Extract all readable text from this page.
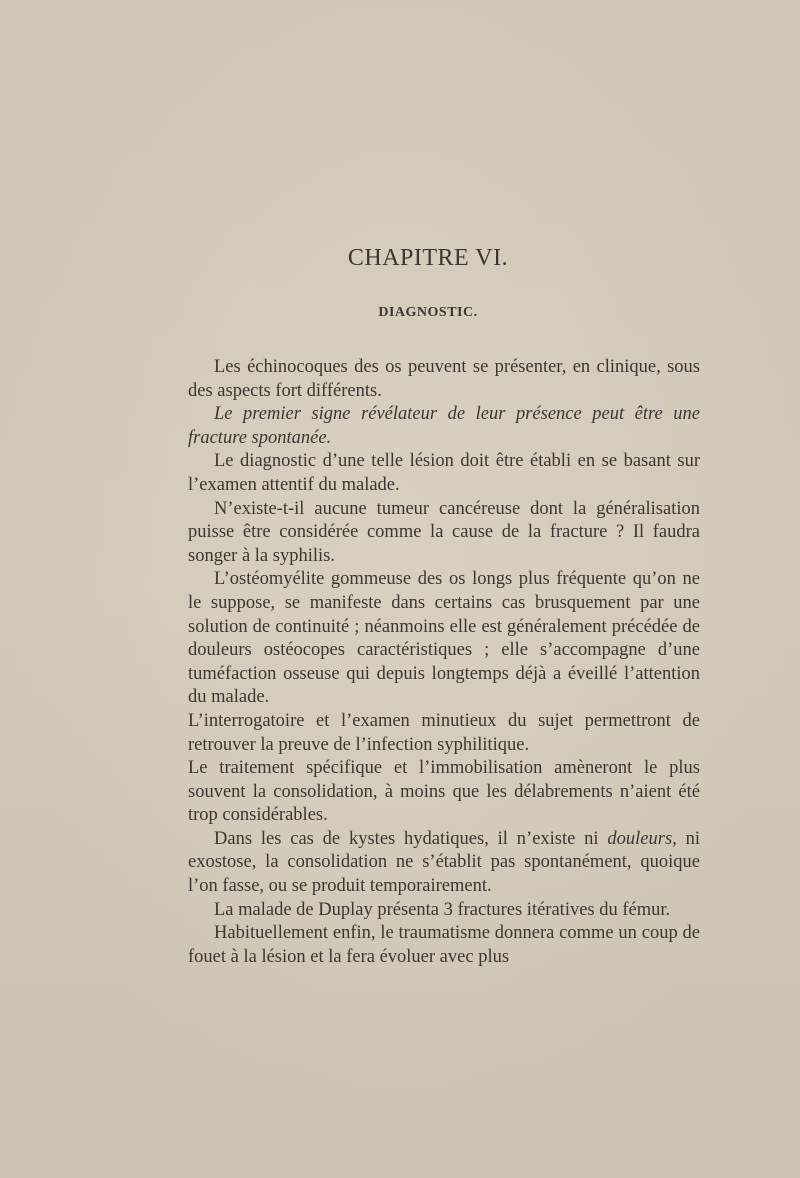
CHAPITRE VI.
DIAGNOSTIC.

Les échinocoques des os peuvent se présenter, en clinique, sous des aspects fort différents.

Le premier signe révélateur de leur présence peut être une fracture spontanée.

Le diagnostic d’une telle lésion doit être établi en se basant sur l’examen attentif du malade.

N’existe-t-il aucune tumeur cancéreuse dont la généralisation puisse être considérée comme la cause de la fracture ? Il faudra songer à la syphilis.

L’ostéomyélite gommeuse des os longs plus fréquente qu’on ne le suppose, se manifeste dans certains cas brusquement par une solution de continuité ; néanmoins elle est généralement précédée de douleurs ostéocopes caractéristiques ; elle s’accompagne d’une tuméfaction osseuse qui depuis longtemps déjà a éveillé l’attention du malade.

L’interrogatoire et l’examen minutieux du sujet permettront de retrouver la preuve de l’infection syphilitique.

Le traitement spécifique et l’immobilisation amèneront le plus souvent la consolidation, à moins que les délabrements n’aient été trop considérables.

Dans les cas de kystes hydatiques, il n’existe ni douleurs, ni exostose, la consolidation ne s’établit pas spontanément, quoique l’on fasse, ou se produit temporairement.

La malade de Duplay présenta 3 fractures itératives du fémur.

Habituellement enfin, le traumatisme donnera comme un coup de fouet à la lésion et la fera évoluer avec plus
